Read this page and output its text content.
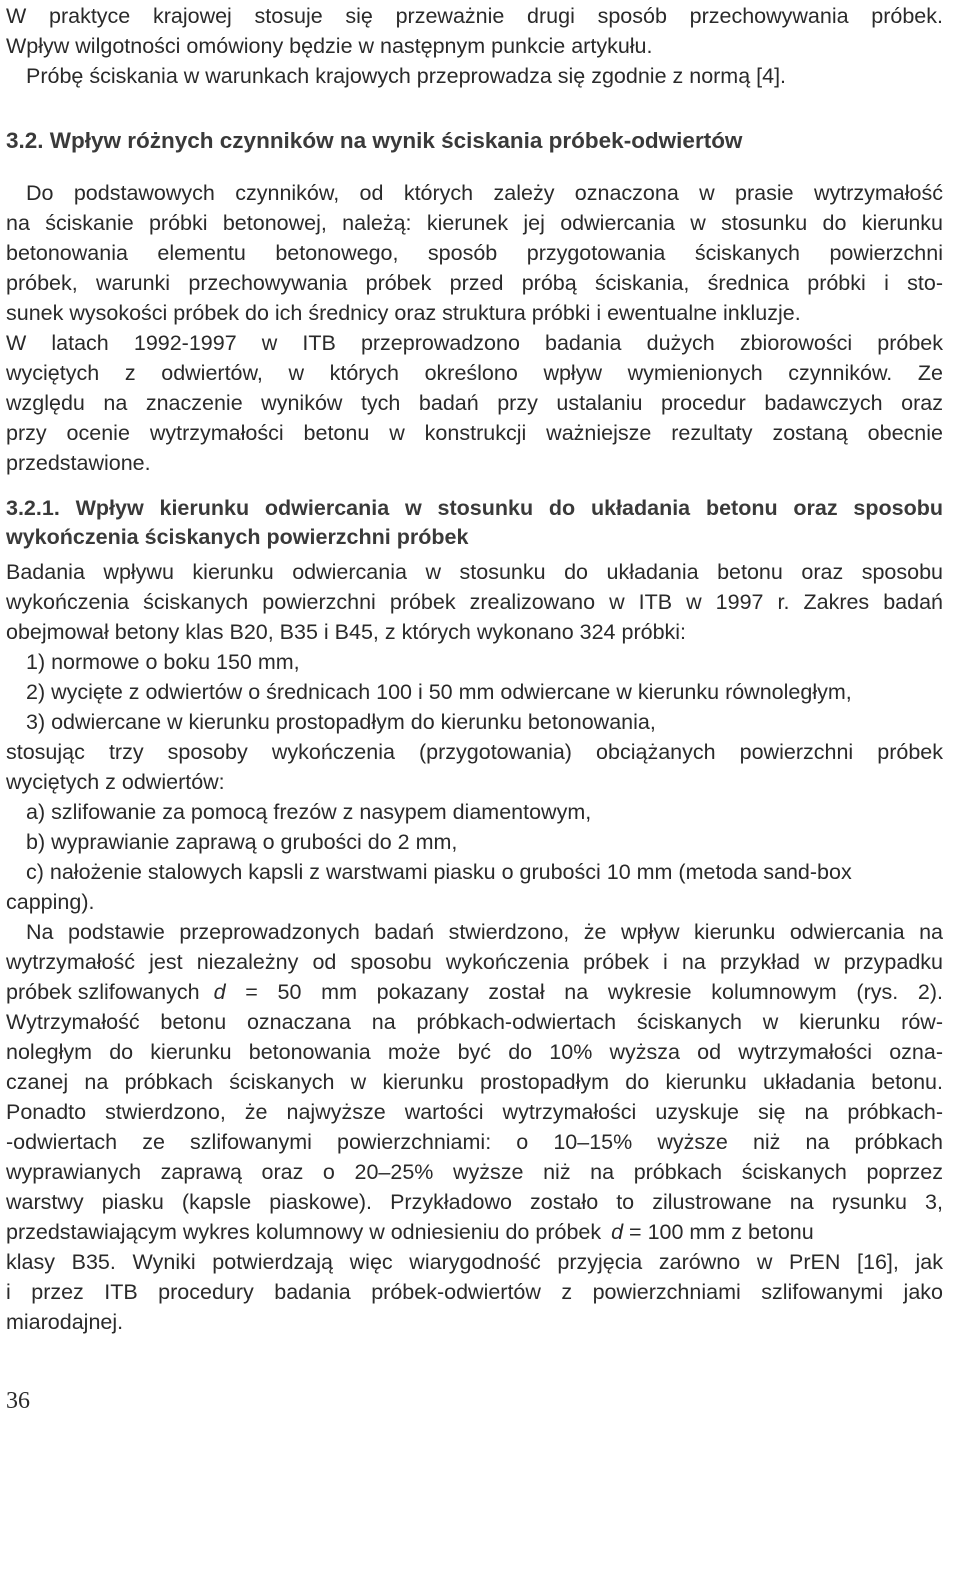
W praktyce krajowej stosuje się przeważnie drugi sposób przechowywania próbek.
Wpływ wilgotności omówiony będzie w następnym punkcie artykułu.
Próbę ściskania w warunkach krajowych przeprowadza się zgodnie z normą [4].
3.2. Wpływ różnych czynników na wynik ściskania próbek-odwiertów
Do podstawowych czynników, od których zależy oznaczona w prasie wytrzymałość
na ściskanie próbki betonowej, należą: kierunek jej odwiercania w stosunku do kierunku
betonowania elementu betonowego, sposób przygotowania ściskanych powierzchni
próbek, warunki przechowywania próbek przed próbą ściskania, średnica próbki i sto-
sunek wysokości próbek do ich średnicy oraz struktura próbki i ewentualne inkluzje.
W latach 1992-1997 w ITB przeprowadzono badania dużych zbiorowości próbek
wyciętych z odwiertów, w których określono wpływ wymienionych czynników. Ze
względu na znaczenie wyników tych badań przy ustalaniu procedur badawczych oraz
przy ocenie wytrzymałości betonu w konstrukcji ważniejsze rezultaty zostaną obecnie
przedstawione.
3.2.1. Wpływ kierunku odwiercania w stosunku do układania betonu oraz sposobu
wykończenia ściskanych powierzchni próbek
Badania wpływu kierunku odwiercania w stosunku do układania betonu oraz sposobu
wykończenia ściskanych powierzchni próbek zrealizowano w ITB w 1997 r. Zakres badań
obejmował betony klas B20, B35 i B45, z których wykonano 324 próbki:
1) normowe o boku 150 mm,
2) wycięte z odwiertów o średnicach 100 i 50 mm odwiercane w kierunku równoległym,
3) odwiercane w kierunku prostopadłym do kierunku betonowania,
stosując trzy sposoby wykończenia (przygotowania) obciążanych powierzchni próbek
wyciętych z odwiertów:
a) szlifowanie za pomocą frezów z nasypem diamentowym,
b) wyprawianie zaprawą o grubości do 2 mm,
c) nałożenie stalowych kapsli z warstwami piasku o grubości 10 mm (metoda sand-box
capping).
Na podstawie przeprowadzonych badań stwierdzono, że wpływ kierunku odwiercania na
wytrzymałość jest niezależny od sposobu wykończenia próbek i na przykład w przypadku
próbek szlifowanych d = 50 mm pokazany został na wykresie kolumnowym (rys. 2).
Wytrzymałość betonu oznaczana na próbkach-odwiertach ściskanych w kierunku rów-
noległym do kierunku betonowania może być do 10% wyższa od wytrzymałości ozna-
czanej na próbkach ściskanych w kierunku prostopadłym do kierunku układania betonu.
Ponadto stwierdzono, że najwyższe wartości wytrzymałości uzyskuje się na próbkach-
-odwiertach ze szlifowanymi powierzchniami: o 10–15% wyższe niż na próbkach
wyprawianych zaprawą oraz o 20–25% wyższe niż na próbkach ściskanych poprzez
warstwy piasku (kapsle piaskowe). Przykładowo zostało to zilustrowane na rysunku 3,
przedstawiającym wykres kolumnowy w odniesieniu do próbek d = 100 mm z betonu
klasy B35. Wyniki potwierdzają więc wiarygodność przyjęcia zarówno w PrEN [16], jak
i przez ITB procedury badania próbek-odwiertów z powierzchniami szlifowanymi jako
miarodajnej.
36
